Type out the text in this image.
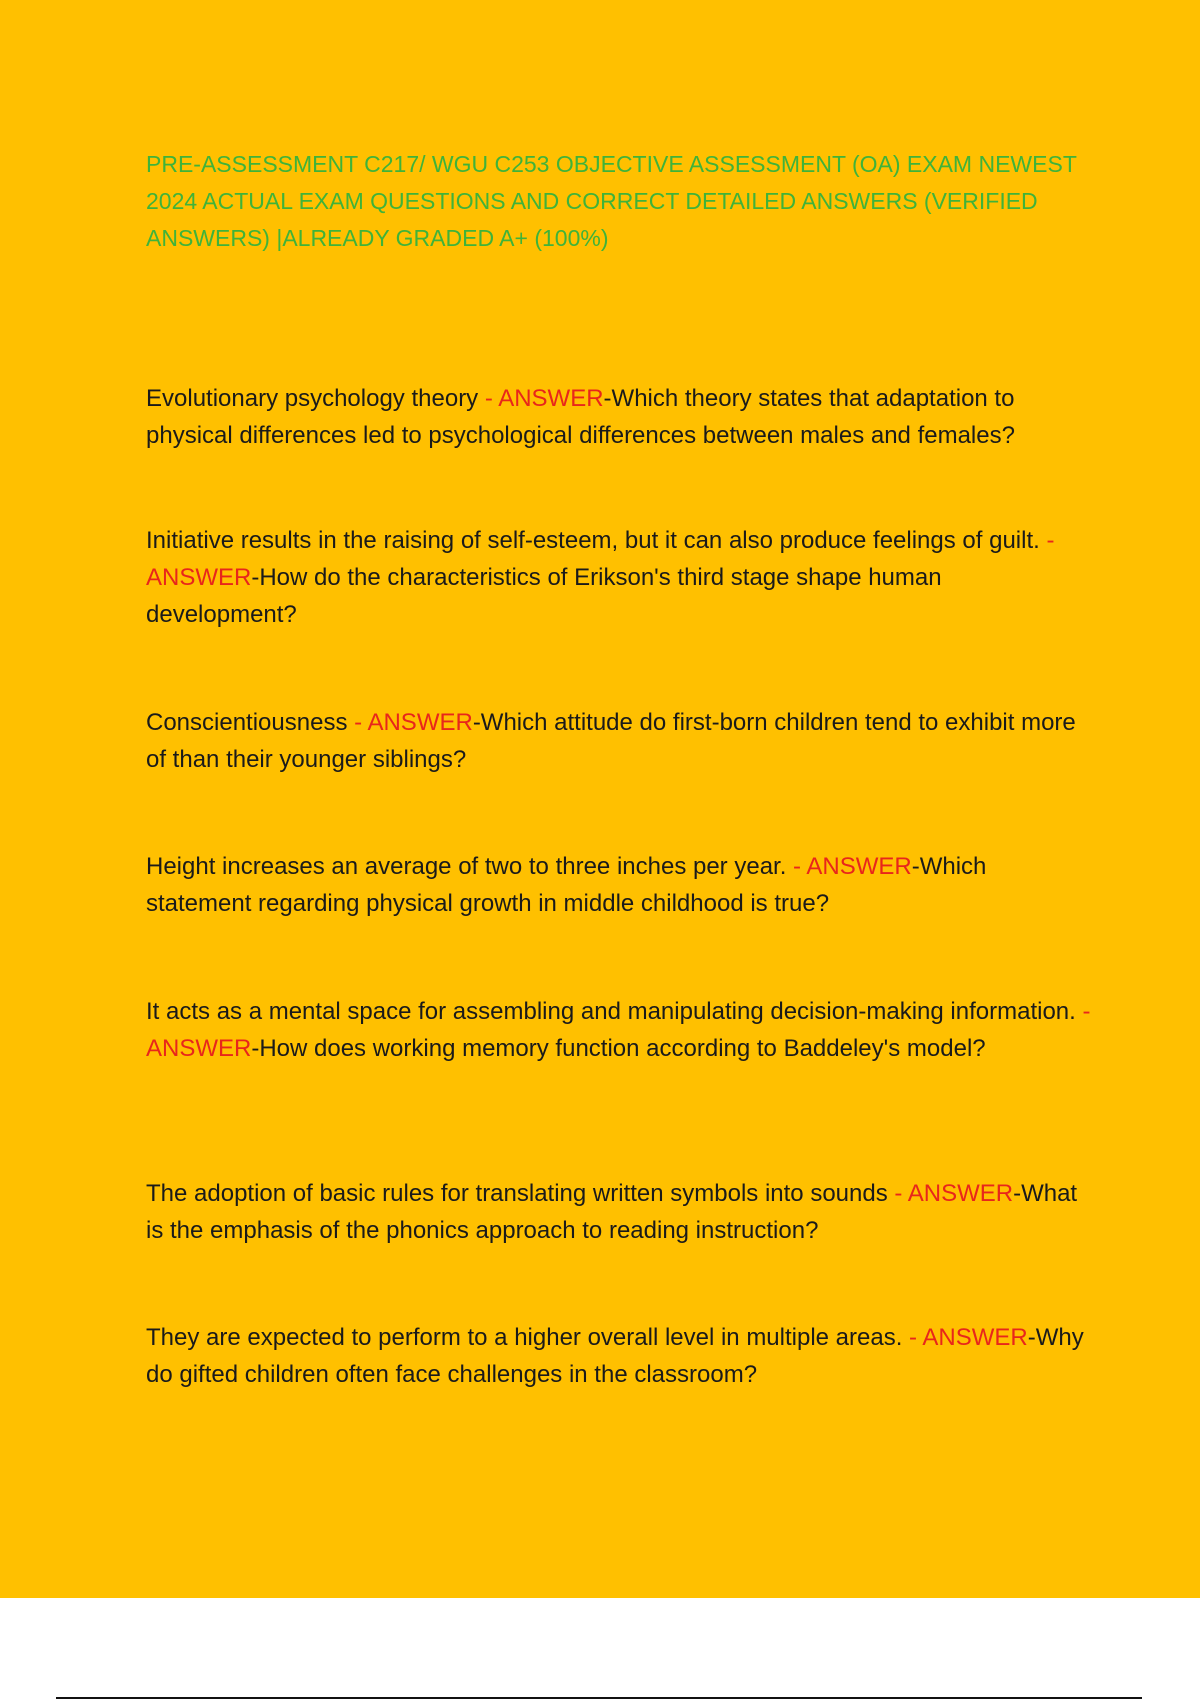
PRE-ASSESSMENT C217/ WGU C253 OBJECTIVE ASSESSMENT (OA) EXAM NEWEST 2024 ACTUAL EXAM QUESTIONS AND CORRECT DETAILED ANSWERS (VERIFIED ANSWERS) |ALREADY GRADED A+ (100%)

Evolutionary psychology theory - ANSWER-Which theory states that adaptation to physical differences led to psychological differences between males and females?

Initiative results in the raising of self-esteem, but it can also produce feelings of guilt. - ANSWER-How do the characteristics of Erikson's third stage shape human development?

Conscientiousness - ANSWER-Which attitude do first-born children tend to exhibit more of than their younger siblings?

Height increases an average of two to three inches per year. - ANSWER-Which statement regarding physical growth in middle childhood is true?

It acts as a mental space for assembling and manipulating decision-making information. - ANSWER-How does working memory function according to Baddeley's model?

The adoption of basic rules for translating written symbols into sounds - ANSWER-What is the emphasis of the phonics approach to reading instruction?

They are expected to perform to a higher overall level in multiple areas. - ANSWER-Why do gifted children often face challenges in the classroom?
